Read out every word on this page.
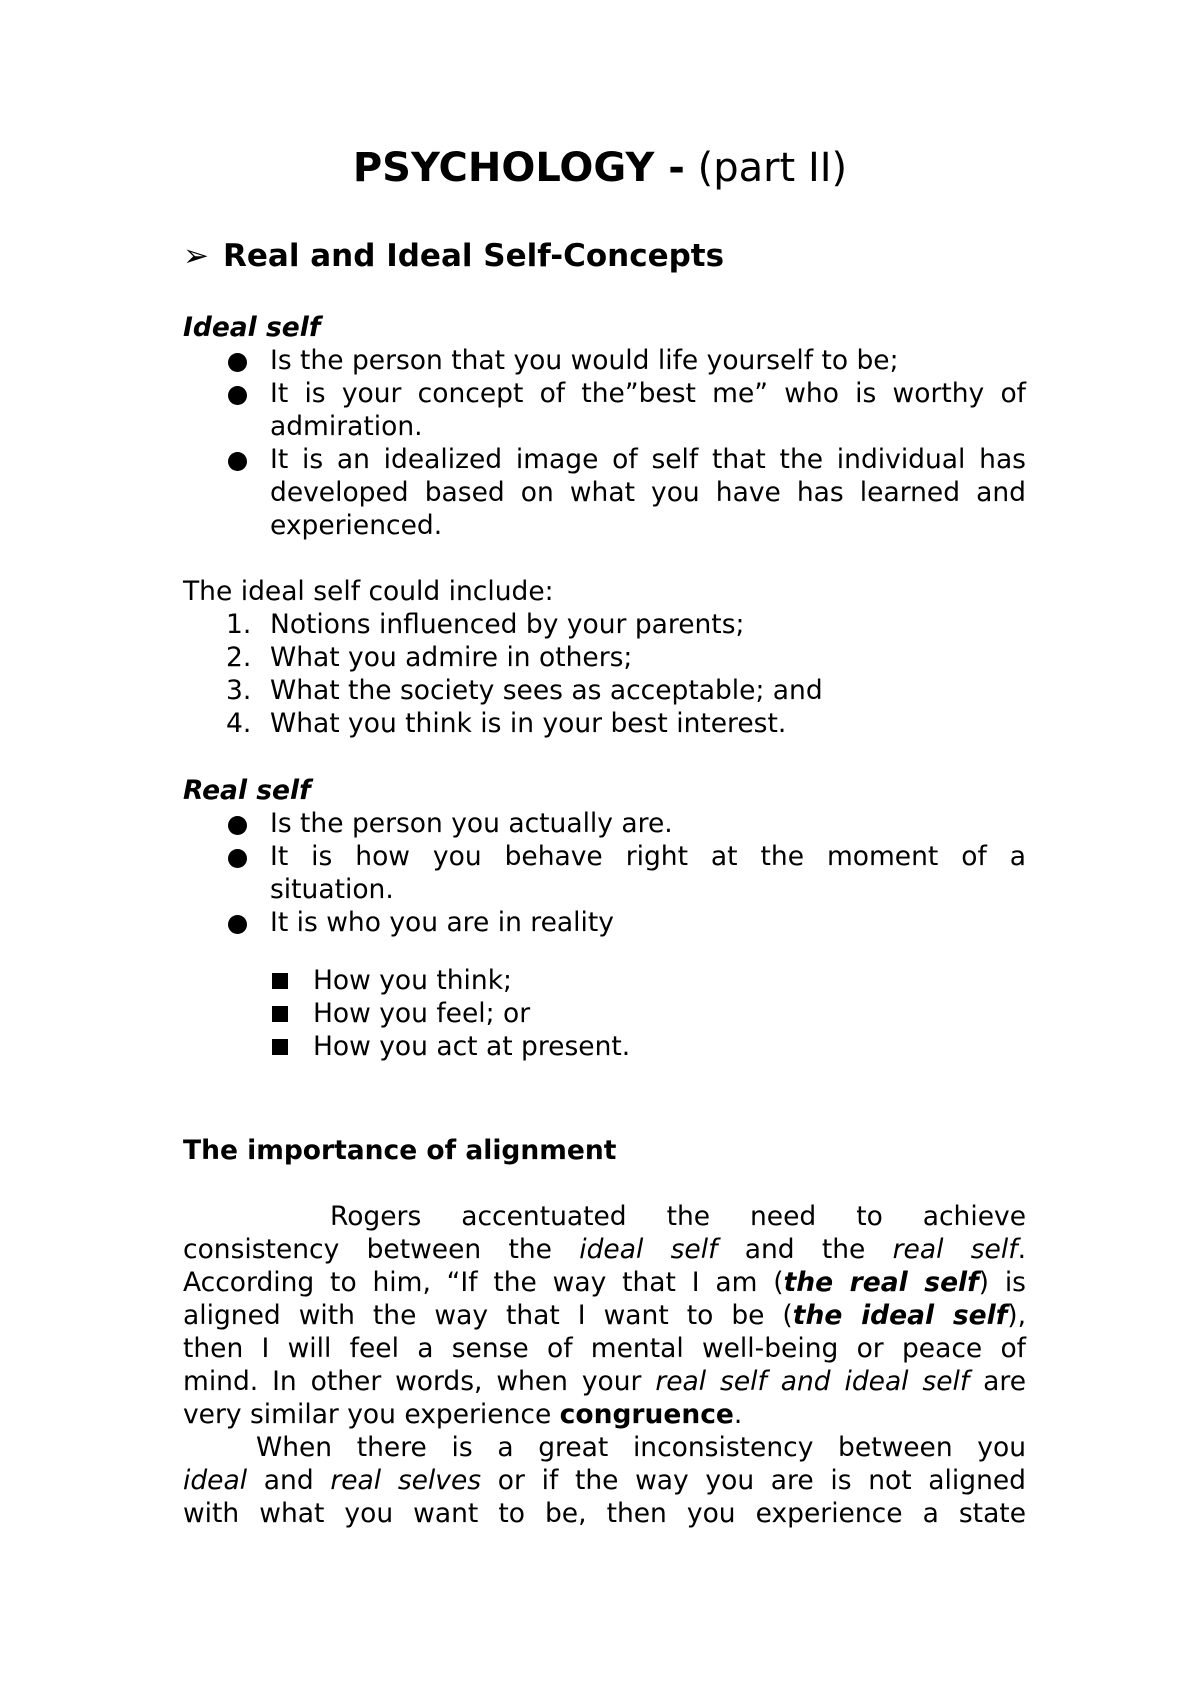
PSYCHOLOGY - (part II)
➢ Real and Ideal Self-Concepts
Ideal self
Is the person that you would life yourself to be;
It is your concept of the”best me” who is worthy of
admiration.
It is an idealized image of self that the individual has
developed based on what you have has learned and
experienced.
The ideal self could include:
1. Notions influenced by your parents;
2. What you admire in others;
3. What the society sees as acceptable; and
4. What you think is in your best interest.
Real self
Is the person you actually are.
It is how you behave right at the moment of a
situation.
It is who you are in reality
How you think;
How you feel; or
How you act at present.
The importance of alignment
Rogers accentuated the need to achieve
consistency between the ideal self and the real self.
According to him, “If the way that I am (the real self) is
aligned with the way that I want to be (the ideal self),
then I will feel a sense of mental well-being or peace of
mind. In other words, when your real self and ideal self are
very similar you experience congruence.
When there is a great inconsistency between you
ideal and real selves or if the way you are is not aligned
with what you want to be, then you experience a state
